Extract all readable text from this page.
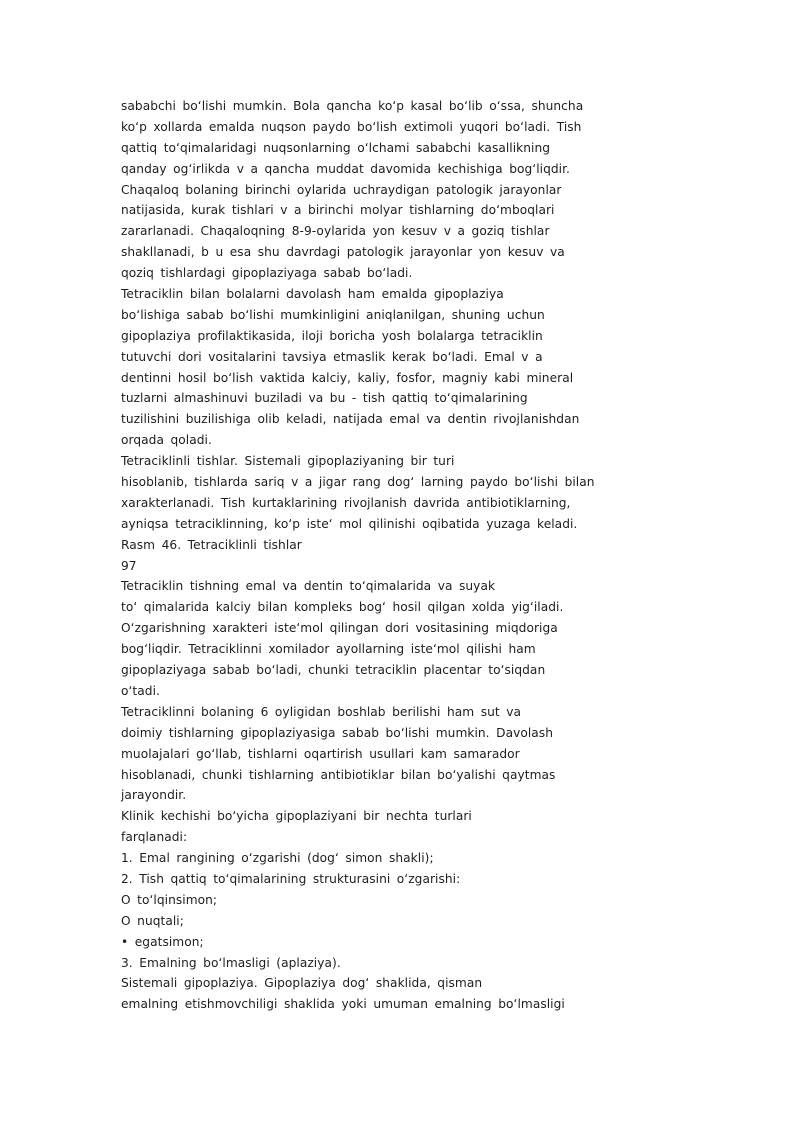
sababchi bo‘lishi mumkin. Bola qancha ko‘p kasal bo‘lib o‘ssa, shuncha
ko‘p xollarda emalda nuqson paydo bo‘lish extimoli yuqori bo‘ladi. Tish
qattiq to‘qimalaridagi nuqsonlarning o‘lchami sababchi kasallikning
qanday og‘irlikda v a qancha muddat davomida kechishiga bog‘liqdir.
Chaqaloq bolaning birinchi oylarida uchraydigan patologik jarayonlar
natijasida, kurak tishlari v a birinchi molyar tishlarning do‘mboqlari
zararlanadi. Chaqaloqning 8-9-oylarida yon kesuv v a goziq tishlar
shakllanadi, b u esa shu davrdagi patologik jarayonlar yon kesuv va
qoziq tishlardagi gipoplaziyaga sabab bo‘ladi.
Tetraciklin bilan bolalarni davolash ham emalda gipoplaziya
bo‘lishiga sabab bo‘lishi mumkinligini aniqlanilgan, shuning uchun
gipoplaziya profilaktikasida, iloji boricha yosh bolalarga tetraciklin
tutuvchi dori vositalarini tavsiya etmaslik kerak bo‘ladi. Emal v a
dentinni hosil bo‘lish vaktida kalciy, kaliy, fosfor, magniy kabi mineral
tuzlarni almashinuvi buziladi va bu - tish qattiq to‘qimalarining
tuzilishini buzilishiga olib keladi, natijada emal va dentin rivojlanishdan
orqada qoladi.
Tetraciklinli tishlar. Sistemali gipoplaziyaning bir turi
hisoblanib, tishlarda sariq v a jigar rang dog‘ larning paydo bo‘lishi bilan
xarakterlanadi. Tish kurtaklarining rivojlanish davrida antibiotiklarning,
ayniqsa tetraciklinning, ko‘p iste‘ mol qilinishi oqibatida yuzaga keladi.
Rasm 46. Tetraciklinli tishlar
97
Tetraciklin tishning emal va dentin to‘qimalarida va suyak
to‘ qimalarida kalciy bilan kompleks bog‘ hosil qilgan xolda yig‘iladi.
O‘zgarishning xarakteri iste‘mol qilingan dori vositasining miqdoriga
bog‘liqdir. Tetraciklinni xomilador ayollarning iste‘mol qilishi ham
gipoplaziyaga sabab bo‘ladi, chunki tetraciklin placentar to‘siqdan
o‘tadi.
Tetraciklinni bolaning 6 oyligidan boshlab berilishi ham sut va
doimiy tishlarning gipoplaziyasiga sabab bo‘lishi mumkin. Davolash
muolajalari go‘llab, tishlarni oqartirish usullari kam samarador
hisoblanadi, chunki tishlarning antibiotiklar bilan bo‘yalishi qaytmas
jarayondir.
Klinik kechishi bo‘yicha gipoplaziyani bir nechta turlari
farqlanadi:
1. Emal rangining o‘zgarishi (dog‘ simon shakli);
2. Tish qattiq to‘qimalarining strukturasini o‘zgarishi:
O to‘lqinsimon;
O nuqtali;
• egatsimon;
3. Emalning bo‘lmasligi (aplaziya).
Sistemali gipoplaziya. Gipoplaziya dog‘ shaklida, qisman
emalning etishmovchiligi shaklida yoki umuman emalning bo‘lmasligi
